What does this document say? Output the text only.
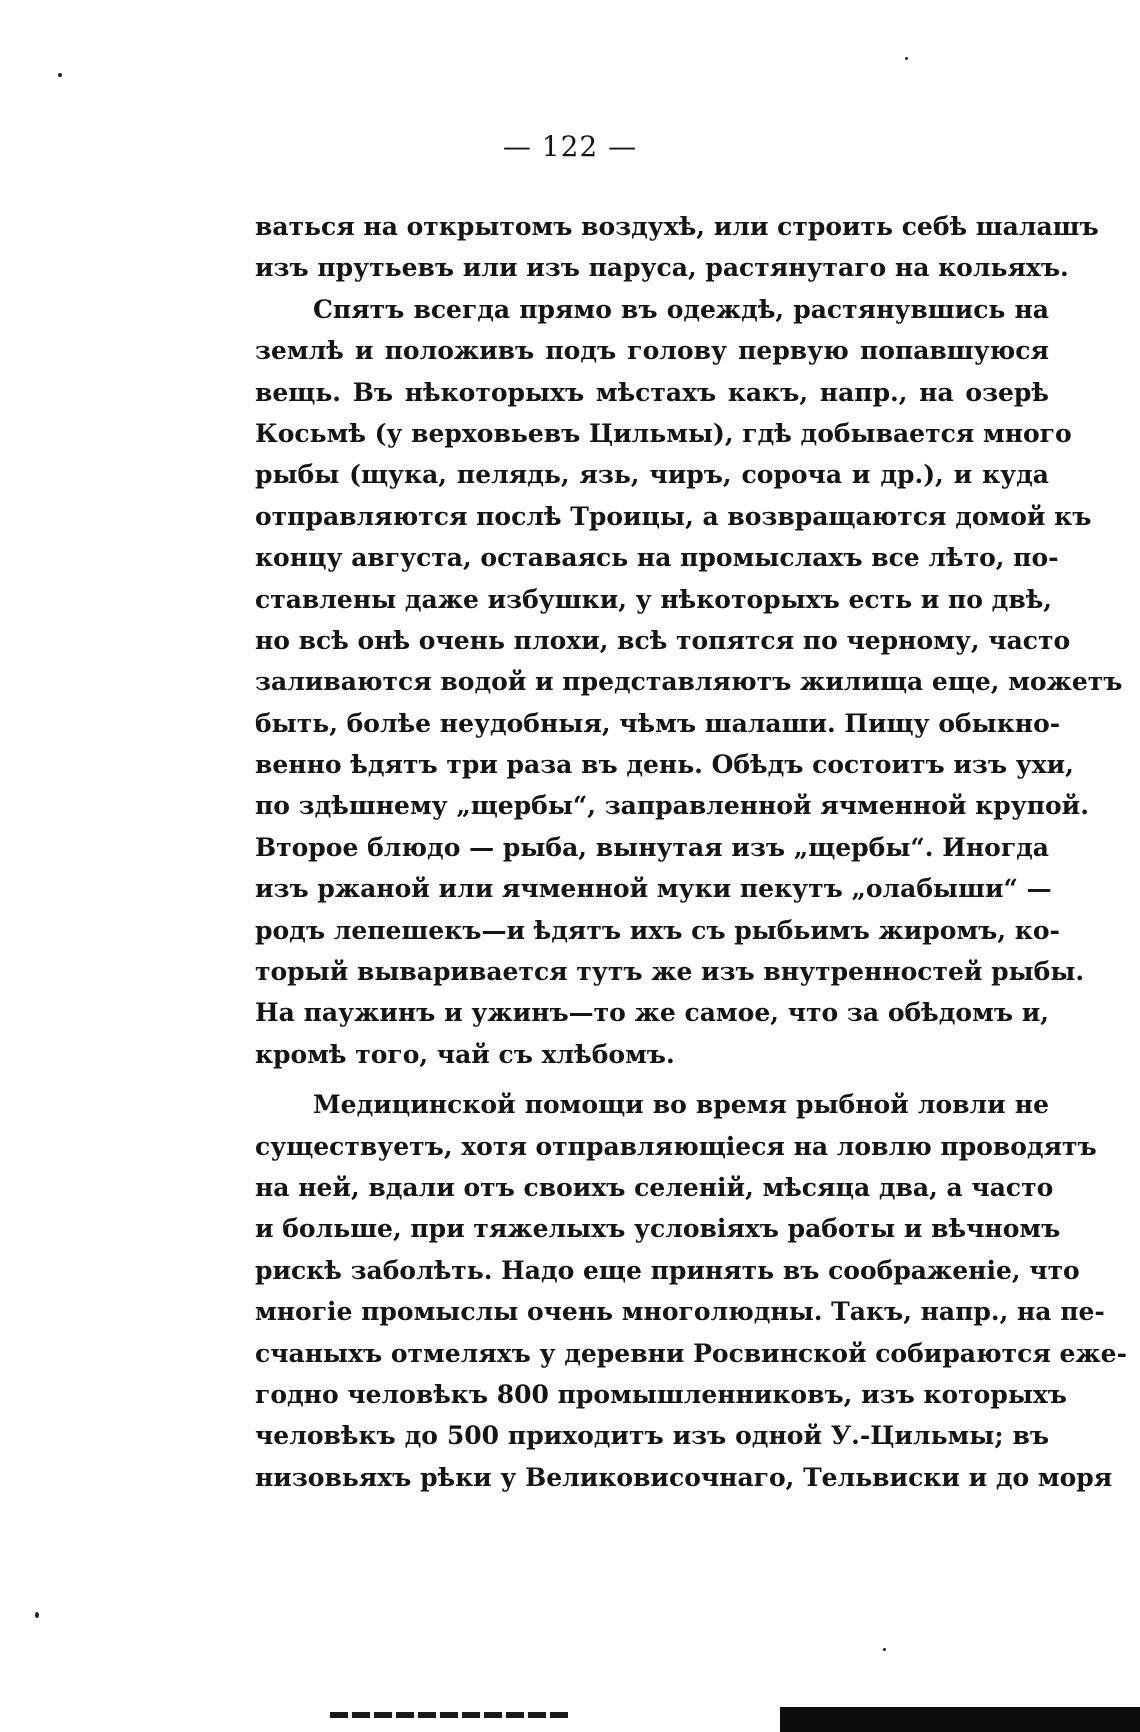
— 122 —
ваться на открытомъ воздухѣ, или строить себѣ шалашъ
изъ прутьевъ или изъ паруса, растянутаго на кольяхъ.
Спятъ всегда прямо въ одеждѣ, растянувшись на
землѣ и положивъ подъ голову первую попавшуюся
вещь. Въ нѣкоторыхъ мѣстахъ какъ, напр., на озерѣ
Косьмѣ (у верховьевъ Цильмы), гдѣ добывается много
рыбы (щука, пелядь, язь, чиръ, сороча и др.), и куда
отправляются послѣ Троицы, а возвращаются домой къ
концу августа, оставаясь на промыслахъ все лѣто, по-
ставлены даже избушки, у нѣкоторыхъ есть и по двѣ,
но всѣ онѣ очень плохи, всѣ топятся по черному, часто
заливаются водой и представляютъ жилища еще, можетъ
быть, болѣе неудобныя, чѣмъ шалаши. Пищу обыкно-
венно ѣдятъ три раза въ день. Обѣдъ состоитъ изъ ухи,
по здѣшнему „щербы“, заправленной ячменной крупой.
Второе блюдо — рыба, вынутая изъ „щербы“. Иногда
изъ ржаной или ячменной муки пекутъ „олабыши“ —
родъ лепешекъ—и ѣдятъ ихъ съ рыбьимъ жиромъ, ко-
торый вываривается тутъ же изъ внутренностей рыбы.
На паужинъ и ужинъ—то же самое, что за обѣдомъ и,
кромѣ того, чай съ хлѣбомъ.
Медицинской помощи во время рыбной ловли не
существуетъ, хотя отправляющіеся на ловлю проводятъ
на ней, вдали отъ своихъ селеній, мѣсяца два, а часто
и больше, при тяжелыхъ условіяхъ работы и вѣчномъ
рискѣ заболѣть. Надо еще принять въ соображеніе, что
многіе промыслы очень многолюдны. Такъ, напр., на пе-
счаныхъ отмеляхъ у деревни Росвинской собираются еже-
годно человѣкъ 800 промышленниковъ, изъ которыхъ
человѣкъ до 500 приходитъ изъ одной У.-Цильмы; въ
низовьяхъ рѣки у Великовисочнаго, Тельвиски и до моря
